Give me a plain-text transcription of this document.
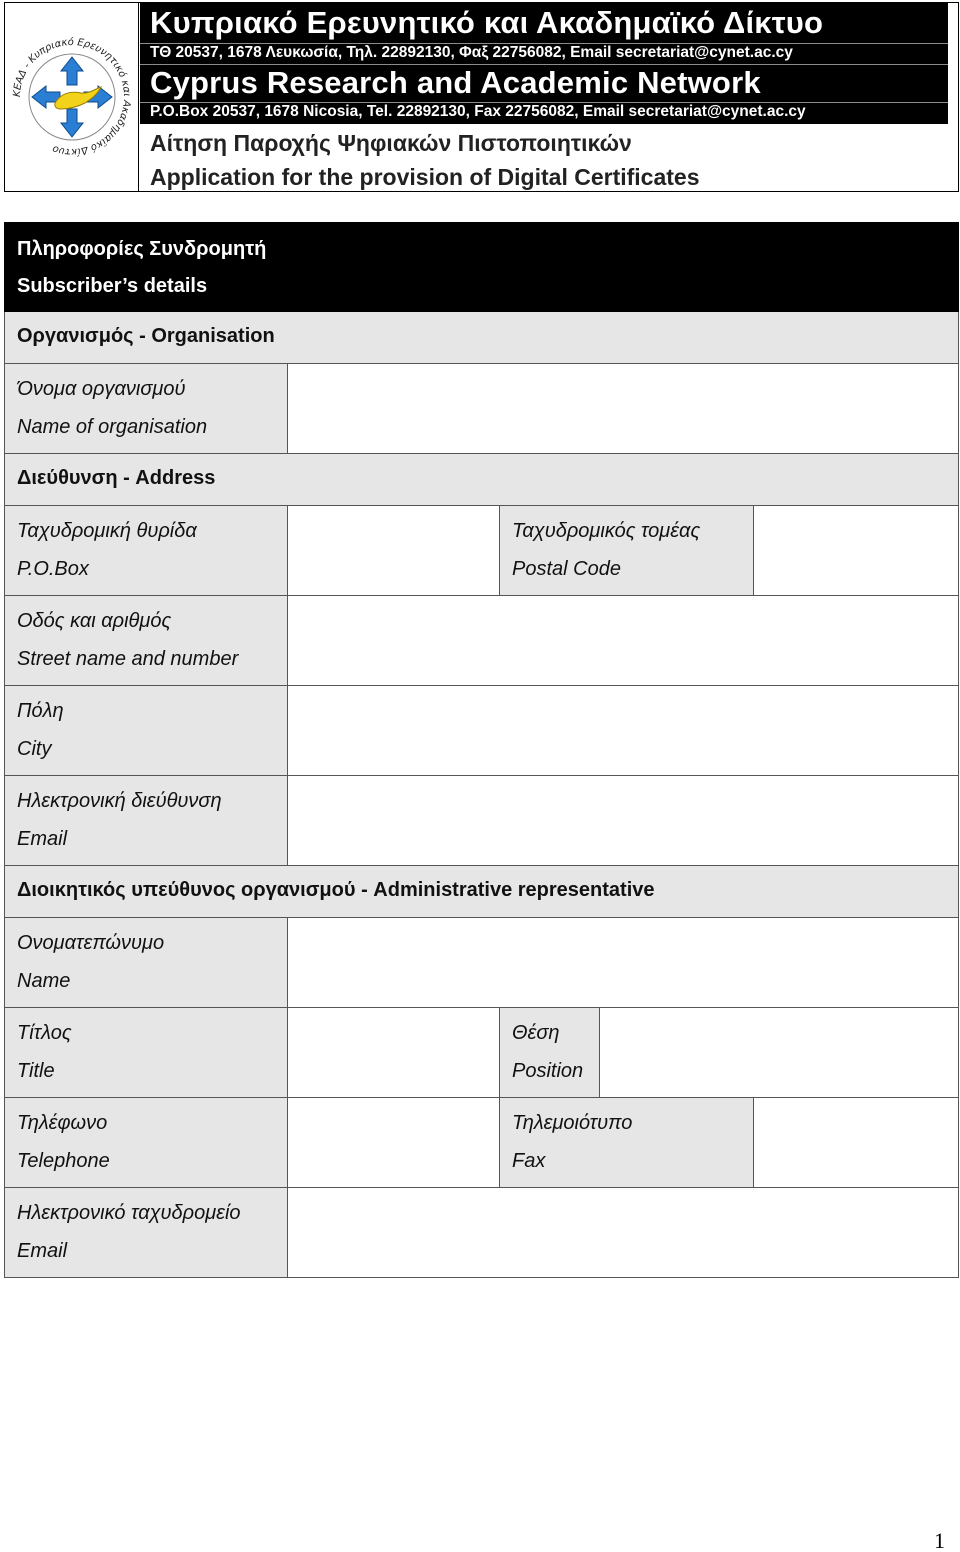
ΚΕΑΔ - Κυπριακό Ερευνητικό και Ακαδημαϊκό Δίκτυο
Κυπριακό Ερευνητικό και Ακαδημαϊκό Δίκτυο
ΤΘ 20537, 1678 Λευκωσία, Τηλ. 22892130, Φαξ 22756082, Email secretariat@cynet.ac.cy
Cyprus Research and Academic Network
P.O.Box 20537, 1678 Nicosia, Tel. 22892130, Fax 22756082, Email secretariat@cynet.ac.cy
Αίτηση Παροχής Ψηφιακών Πιστοποιητικών
Application for the provision of Digital Certificates
Πληροφορίες Συνδρομητή
Subscriber’s details
Οργανισμός - Organisation
Όνομα οργανισμού
Name of organisation
Διεύθυνση - Address
Ταχυδρομική θυρίδα
P.O.Box
Ταχυδρομικός τομέας
Postal Code
Οδός και αριθμός
Street name and number
Πόλη
City
Ηλεκτρονική διεύθυνση
Email
Διοικητικός υπεύθυνος οργανισμού - Administrative representative
Ονοματεπώνυμο
Name
Τίτλος
Title
Θέση
Position
Τηλέφωνο
Telephone
Τηλεμοιότυπο
Fax
Ηλεκτρονικό ταχυδρομείο
Email
1
